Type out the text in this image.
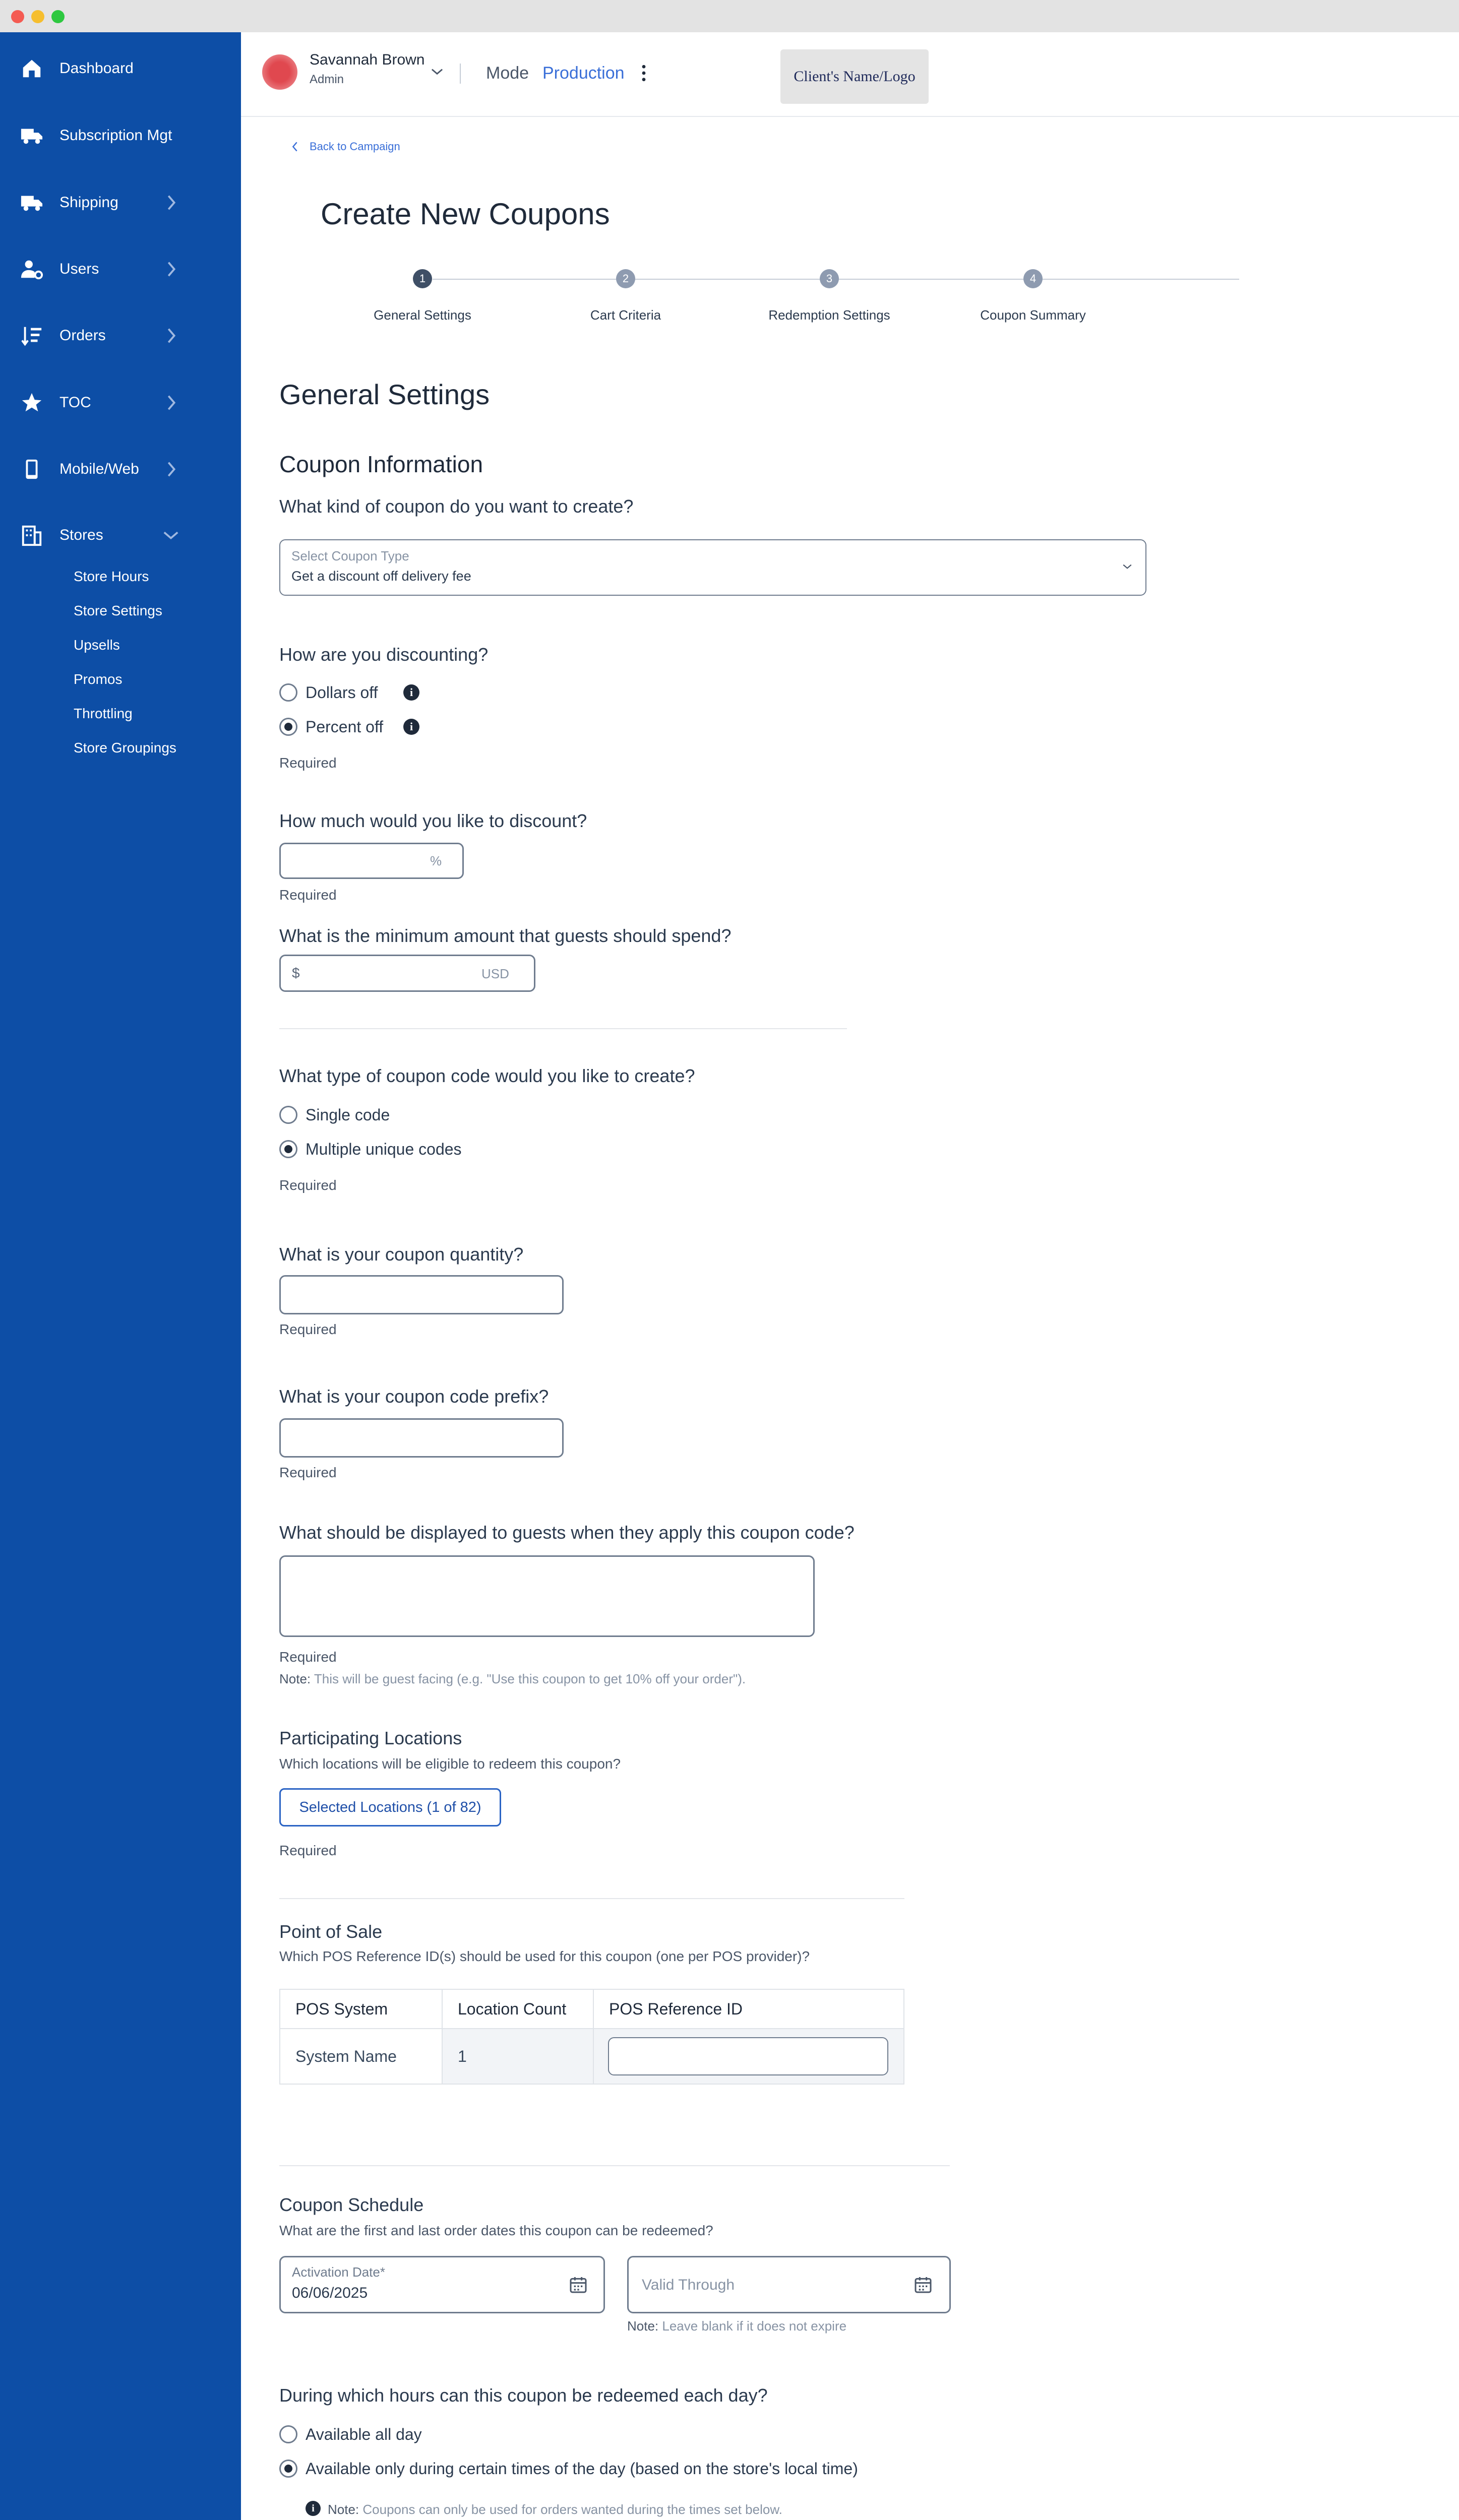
Dashboard
Subscription Mgt
Shipping
Users
Orders
TOC
Mobile/Web
Stores
Store Hours
Store Settings
Upsells
Promos
Throttling
Store Groupings
Savannah Brown
Admin	Mode Production	Client's Name/Logo
Back to Campaign
Create New Coupons
1	2	3	4
General Settings	Cart Criteria	Redemption Settings	Coupon Summary
General Settings
Coupon Information
What kind of coupon do you want to create?
Select Coupon Type
Get a discount off delivery fee
How are you discounting?
Dollars off	i
Percent off	i
Required
How much would you like to discount?
%
Required
What is the minimum amount that guests should spend?
$	USD
What type of coupon code would you like to create?
Single code
Multiple unique codes
Required
What is your coupon quantity?
Required
What is your coupon code prefix?
Required
What should be displayed to guests when they apply this coupon code?
Required
Note: This will be guest facing (e.g. "Use this coupon to get 10% off your order").
Participating Locations
Which locations will be eligible to redeem this coupon?
Selected Locations (1 of 82)
Required
Point of Sale
Which POS Reference ID(s) should be used for this coupon (one per POS provider)?
POS System	Location Count	POS Reference ID
System Name	1	
Coupon Schedule
What are the first and last order dates this coupon can be redeemed?
Activation Date*
06/06/2025	Valid Through
Note: Leave blank if it does not expire
During which hours can this coupon be redeemed each day?
Available all day
Available only during certain times of the day (based on the store's local time)
i	Note: Coupons can only be used for orders wanted during the times set below.
